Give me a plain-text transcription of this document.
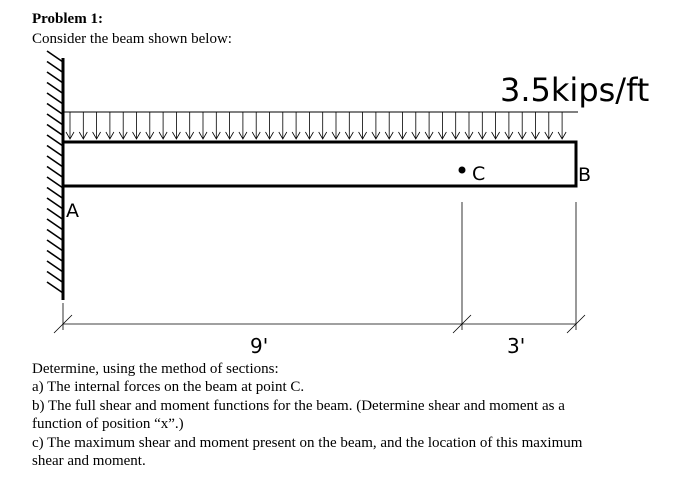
Problem 1:
Consider the beam shown below:
3.5kips/ft
A
B
C
9'	3'
Determine, using the method of sections:
a) The internal forces on the beam at point C.
b) The full shear and moment functions for the beam. (Determine shear and moment as a
function of position “x”.)
c) The maximum shear and moment present on the beam, and the location of this maximum
shear and moment.
